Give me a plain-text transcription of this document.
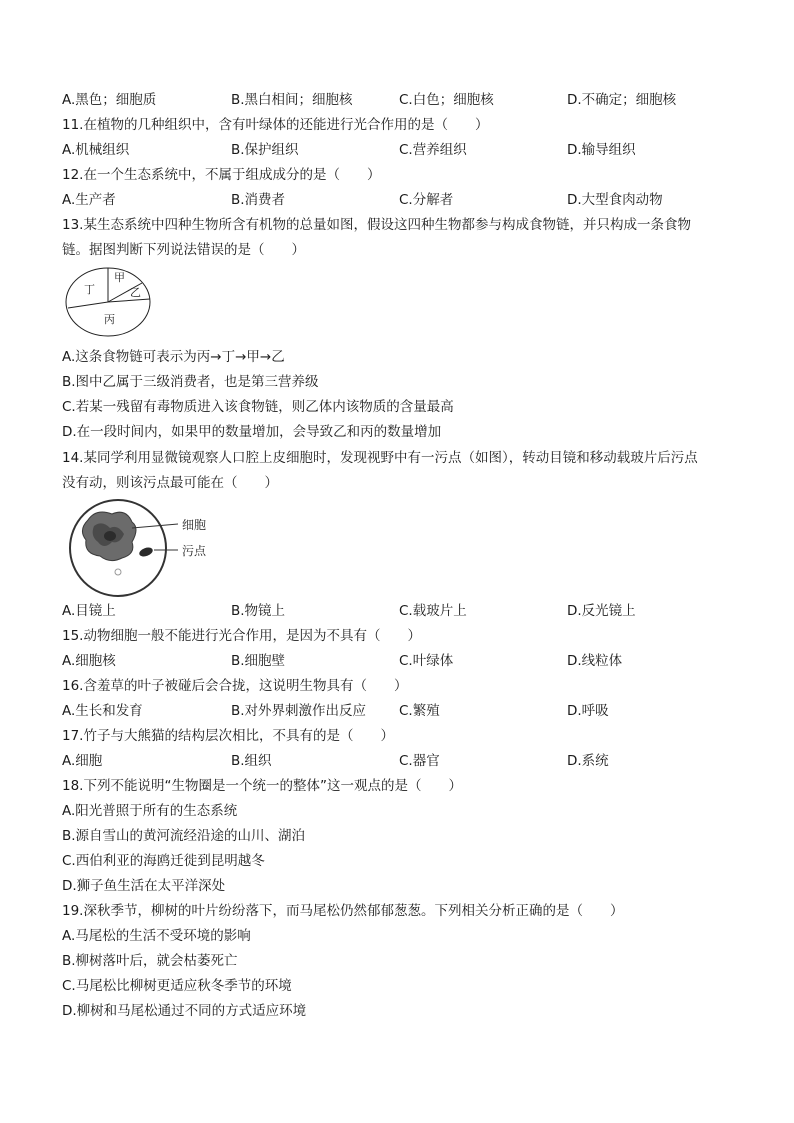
A.黑色；细胞质	B.黑白相间；细胞核	C.白色；细胞核	D.不确定；细胞核
11.在植物的几种组织中，含有叶绿体的还能进行光合作用的是（　　）
A.机械组织	B.保护组织	C.营养组织	D.输导组织
12.在一个生态系统中，不属于组成成分的是（　　）
A.生产者	B.消费者	C.分解者	D.大型食肉动物
13.某生态系统中四种生物所含有机物的总量如图，假设这四种生物都参与构成食物链，并只构成一条食物
链。据图判断下列说法错误的是（　　）
甲
乙
丁
丙
A.这条食物链可表示为丙→丁→甲→乙
B.图中乙属于三级消费者，也是第三营养级
C.若某一残留有毒物质进入该食物链，则乙体内该物质的含量最高
D.在一段时间内，如果甲的数量增加，会导致乙和丙的数量增加
14.某同学利用显微镜观察人口腔上皮细胞时，发现视野中有一污点（如图），转动目镜和移动载玻片后污点
没有动，则该污点最可能在（　　）
细胞
污点
A.目镜上	B.物镜上	C.载玻片上	D.反光镜上
15.动物细胞一般不能进行光合作用，是因为不具有（　　）
A.细胞核	B.细胞壁	C.叶绿体	D.线粒体
16.含羞草的叶子被碰后会合拢，这说明生物具有（　　）
A.生长和发育	B.对外界刺激作出反应 C.繁殖	D.呼吸
17.竹子与大熊猫的结构层次相比，不具有的是（　　）
A.细胞	B.组织	C.器官	D.系统
18.下列不能说明“生物圈是一个统一的整体”这一观点的是（　　）
A.阳光普照于所有的生态系统
B.源自雪山的黄河流经沿途的山川、湖泊
C.西伯利亚的海鸥迁徙到昆明越冬
D.狮子鱼生活在太平洋深处
19.深秋季节，柳树的叶片纷纷落下，而马尾松仍然郁郁葱葱。下列相关分析正确的是（　　）
A.马尾松的生活不受环境的影响
B.柳树落叶后，就会枯萎死亡
C.马尾松比柳树更适应秋冬季节的环境
D.柳树和马尾松通过不同的方式适应环境
